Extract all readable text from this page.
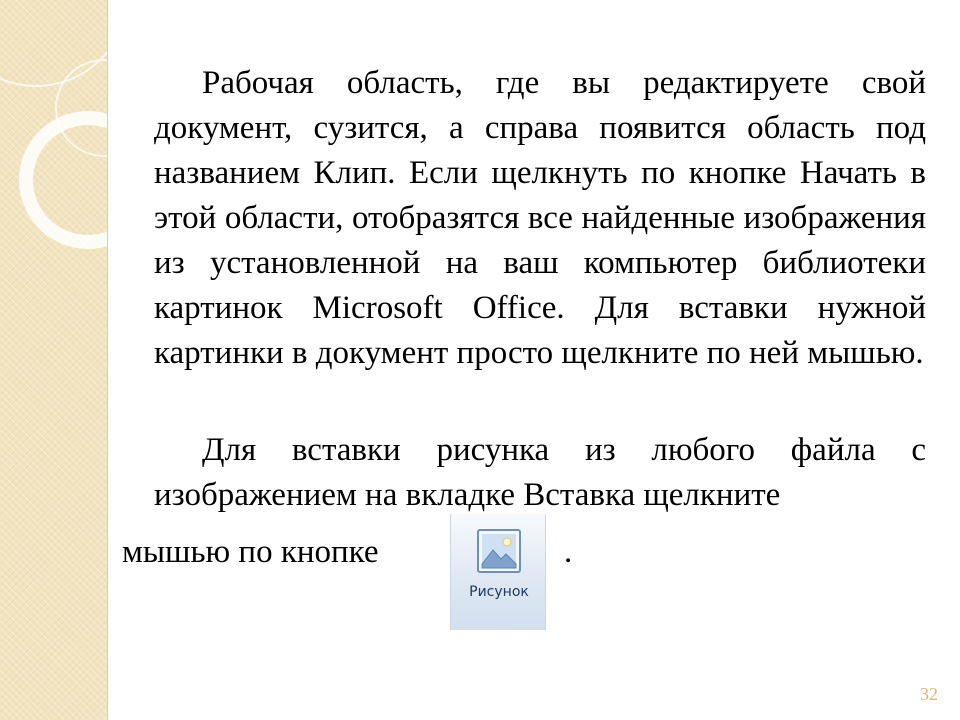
Рабочая область, где вы редактируете свой документ, сузится, а справа появится область под названием Клип. Если щелкнуть по кнопке Начать в этой области, отобразятся все найденные изображения из установленной на ваш компьютер библиотеки картинок Microsoft Office. Для вставки нужной картинки в документ просто щелкните по ней мышью.

Для вставки рисунка из любого файла с изображением на вкладке Вставка щелкните

мышью по кнопке
Рисунок
.
32
